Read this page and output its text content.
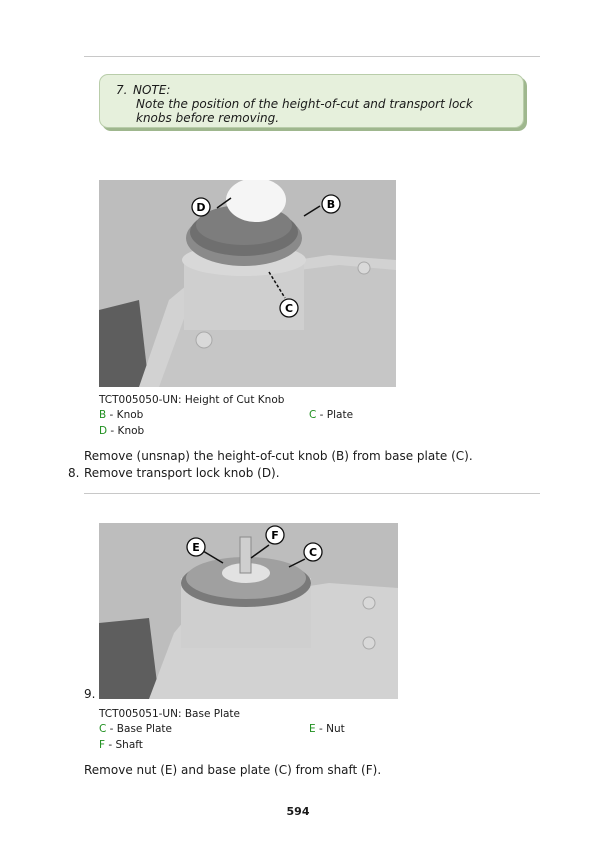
7. NOTE:
Note the position of the height-of-cut and transport lock knobs before removing.
D	B
C
TCT005050-UN: Height of Cut Knob
B - Knob	C - Plate
D - Knob
Remove (unsnap) the height-of-cut knob (B) from base plate (C).
8. Remove transport lock knob (D).
E
F
C
9.
TCT005051-UN: Base Plate
C - Base Plate	E - Nut
F - Shaft
Remove nut (E) and base plate (C) from shaft (F).
594
